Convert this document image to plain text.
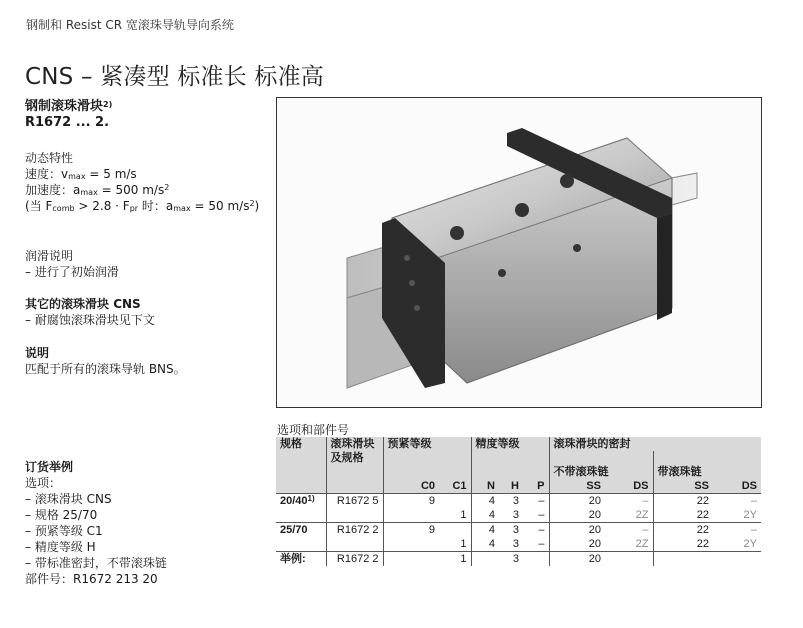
钢制和 Resist CR 宽滚珠导轨导向系统
CNS – 紧凑型 标准长 标准高
钢制滚珠滑块$^{2)}$
R1672 ... 2.
动态特性
速度：$v_{max} = 5$ m/s
加速度：$a_{max} = 500$ $m/s^2$
(当 $F_{comb} > 2.8 \cdot F_{pr}$ 时：$a_{max} = 50$ $m/s^2$)
润滑说明
– 进行了初始润滑
其它的滚珠滑块 CNS
– 耐腐蚀滚珠滑块见下文
说明
匹配于所有的滚珠导轨 BNS。
订货举例
选项：
– 滚珠滑块 CNS
– 规格 25/70
– 预紧等级 C1
– 精度等级 H
– 带标准密封，不带滚珠链
部件号：R1672 213 20
选项和部件号
规格	滚珠滑块	预紧等级		精度等级			滚珠滑块的密封			
	及规格									
							不带滚珠链		带滚珠链	
		C0	C1	N	H	P	SS	DS	SS	DS
20/40$^{1)}$	R1672 5	9		4	3	–	20	–	22	–
			1	4	3	–	20	2Z	22	2Y
25/70	R1672 2	9		4	3	–	20	–	22	–
			1	4	3	–	20	2Z	22	2Y
举例:	R1672 2		1		3		20			
